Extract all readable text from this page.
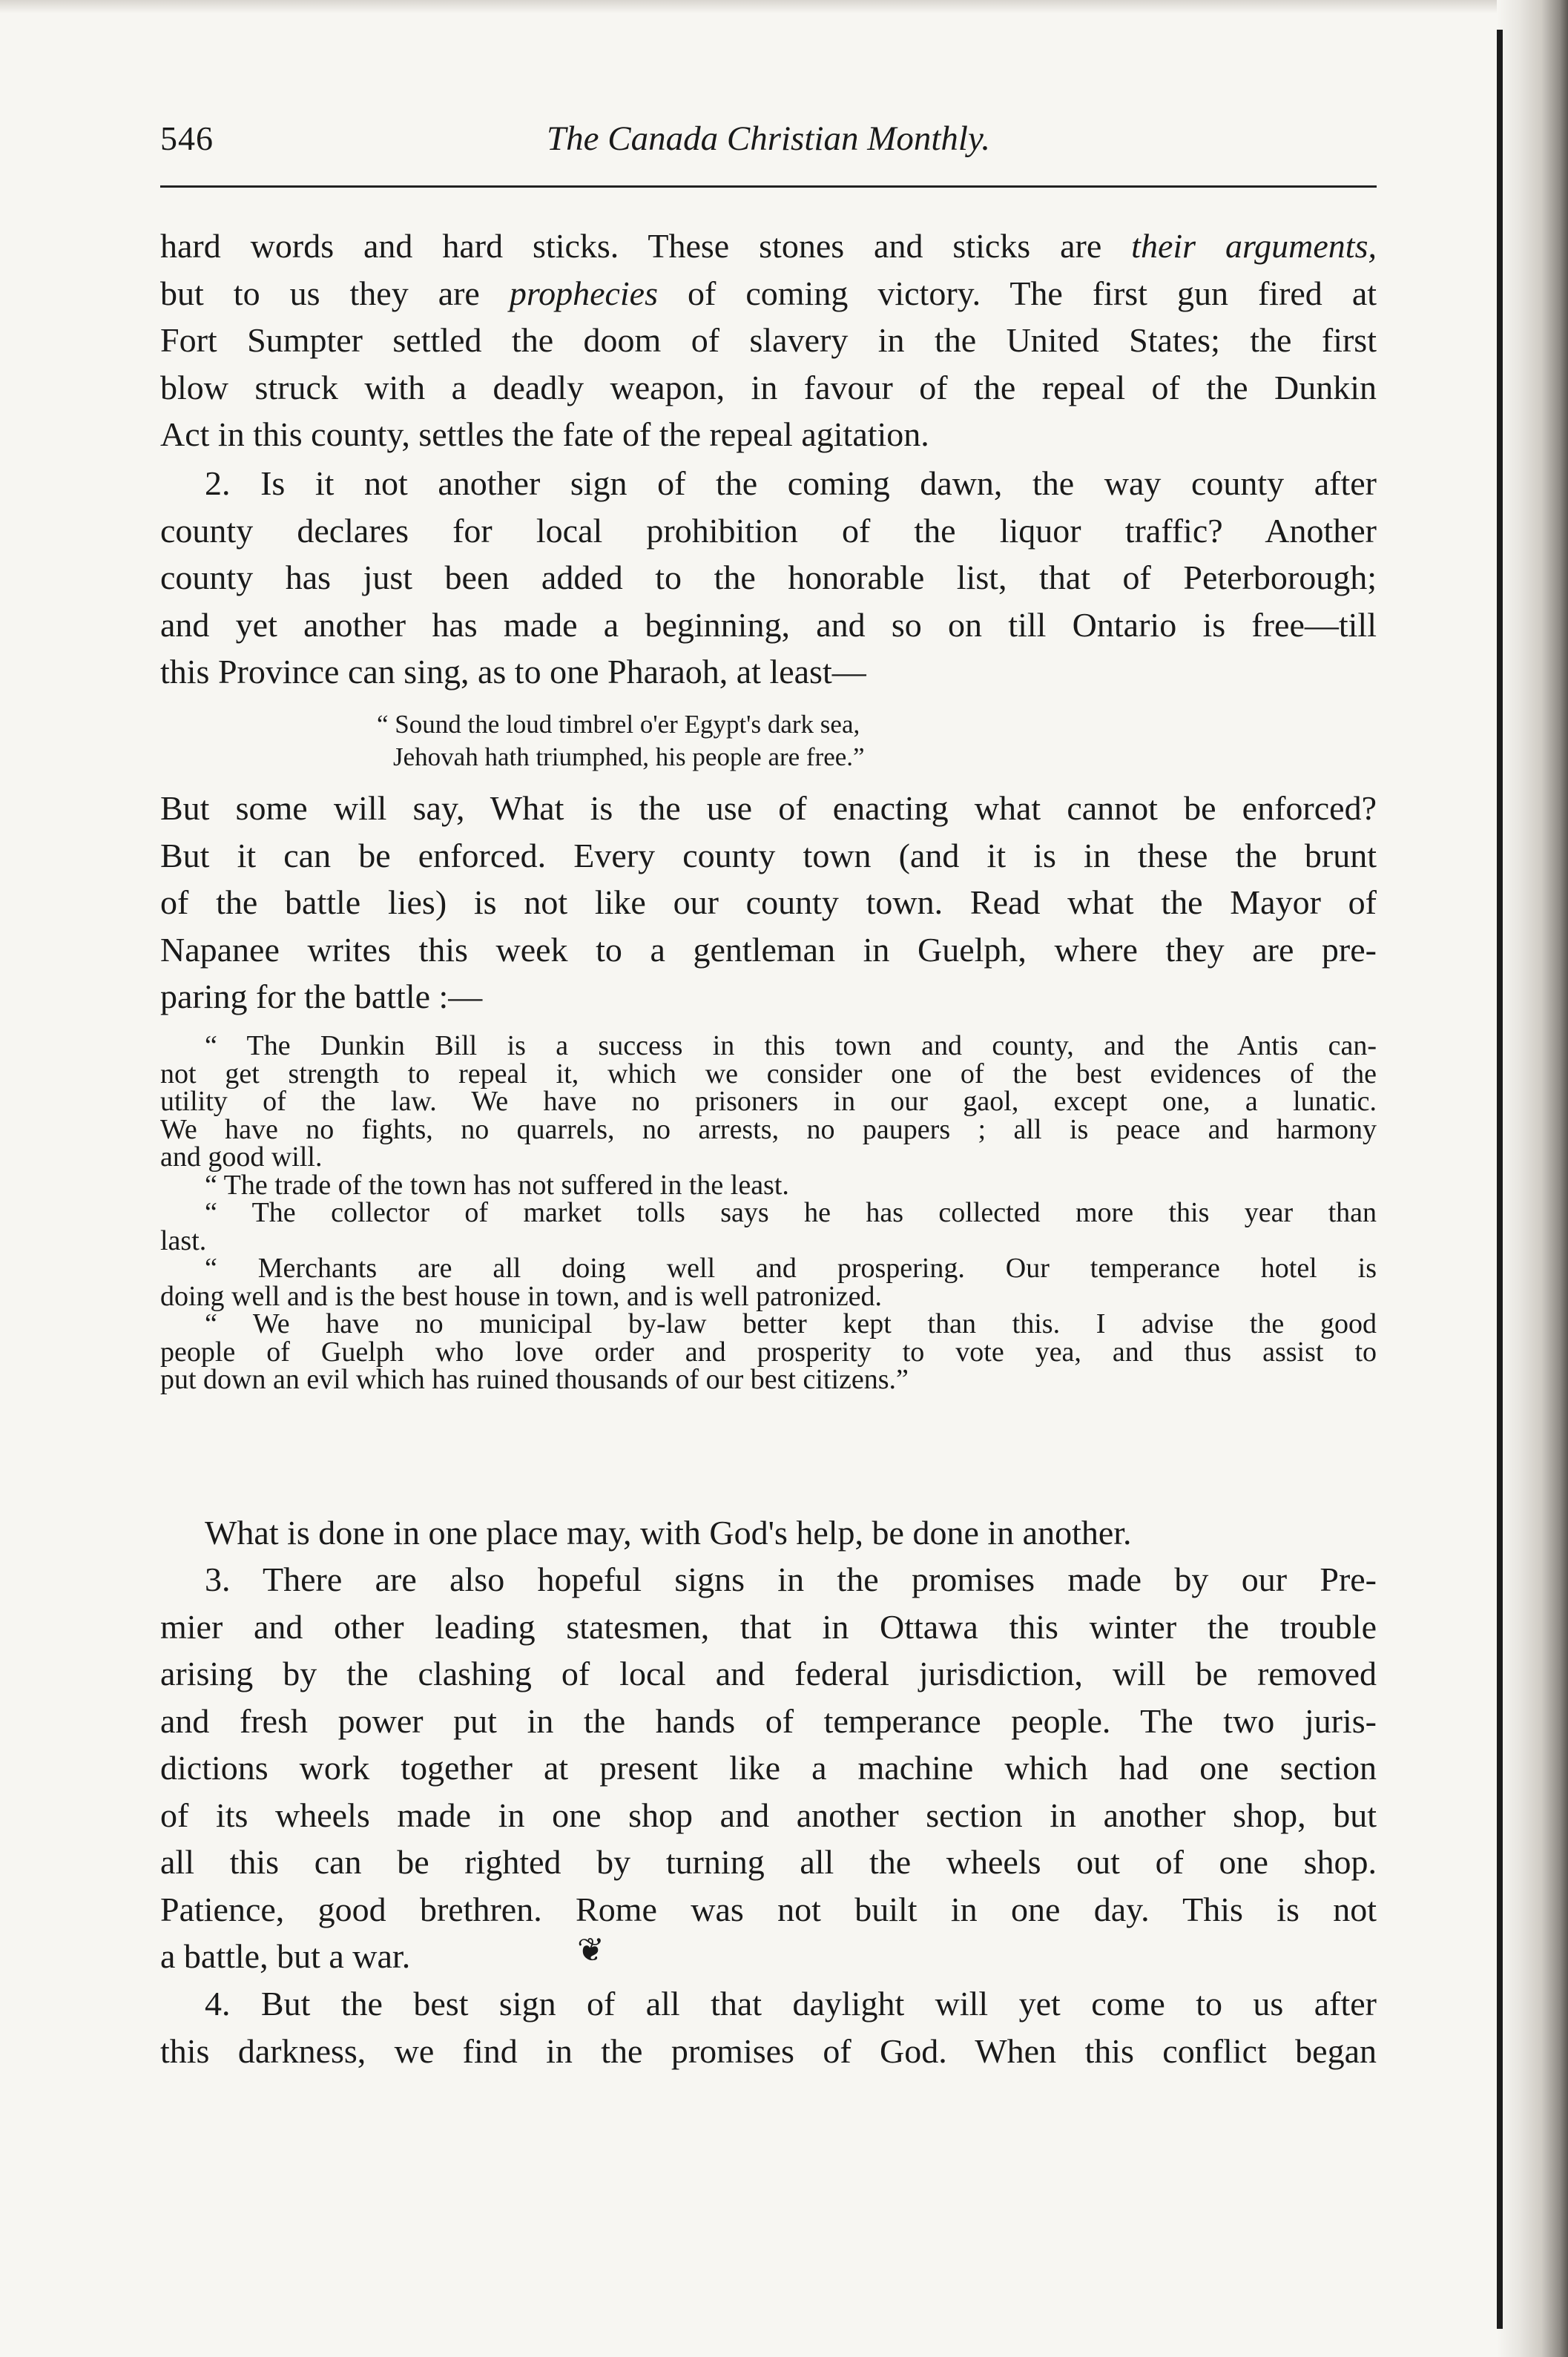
546	The Canada Christian Monthly.
hard words and hard sticks. These stones and sticks are their arguments,
but to us they are prophecies of coming victory. The first gun fired at
Fort Sumpter settled the doom of slavery in the United States; the first
blow struck with a deadly weapon, in favour of the repeal of the Dunkin
Act in this county, settles the fate of the repeal agitation.
2. Is it not another sign of the coming dawn, the way county after
county declares for local prohibition of the liquor traffic? Another
county has just been added to the honorable list, that of Peterborough;
and yet another has made a beginning, and so on till Ontario is free—till
this Province can sing, as to one Pharaoh, at least—
“ Sound the loud timbrel o'er Egypt's dark sea,
Jehovah hath triumphed, his people are free.”
But some will say, What is the use of enacting what cannot be enforced?
But it can be enforced. Every county town (and it is in these the brunt
of the battle lies) is not like our county town. Read what the Mayor of
Napanee writes this week to a gentleman in Guelph, where they are pre-
paring for the battle :—
“ The Dunkin Bill is a success in this town and county, and the Antis can-
not get strength to repeal it, which we consider one of the best evidences of the
utility of the law. We have no prisoners in our gaol, except one, a lunatic.
We have no fights, no quarrels, no arrests, no paupers ; all is peace and harmony
and good will.
“ The trade of the town has not suffered in the least.
“ The collector of market tolls says he has collected more this year than
last.
“ Merchants are all doing well and prospering. Our temperance hotel is
doing well and is the best house in town, and is well patronized.
“ We have no municipal by-law better kept than this. I advise the good
people of Guelph who love order and prosperity to vote yea, and thus assist to
put down an evil which has ruined thousands of our best citizens.”
What is done in one place may, with God's help, be done in another.
3. There are also hopeful signs in the promises made by our Pre-
mier and other leading statesmen, that in Ottawa this winter the trouble
arising by the clashing of local and federal jurisdiction, will be removed
and fresh power put in the hands of temperance people. The two juris-
dictions work together at present like a machine which had one section
of its wheels made in one shop and another section in another shop, but
all this can be righted by turning all the wheels out of one shop.
Patience, good brethren. Rome was not built in one day. This is not
a battle, but a war.	❦
4. But the best sign of all that daylight will yet come to us after
this darkness, we find in the promises of God. When this conflict began
